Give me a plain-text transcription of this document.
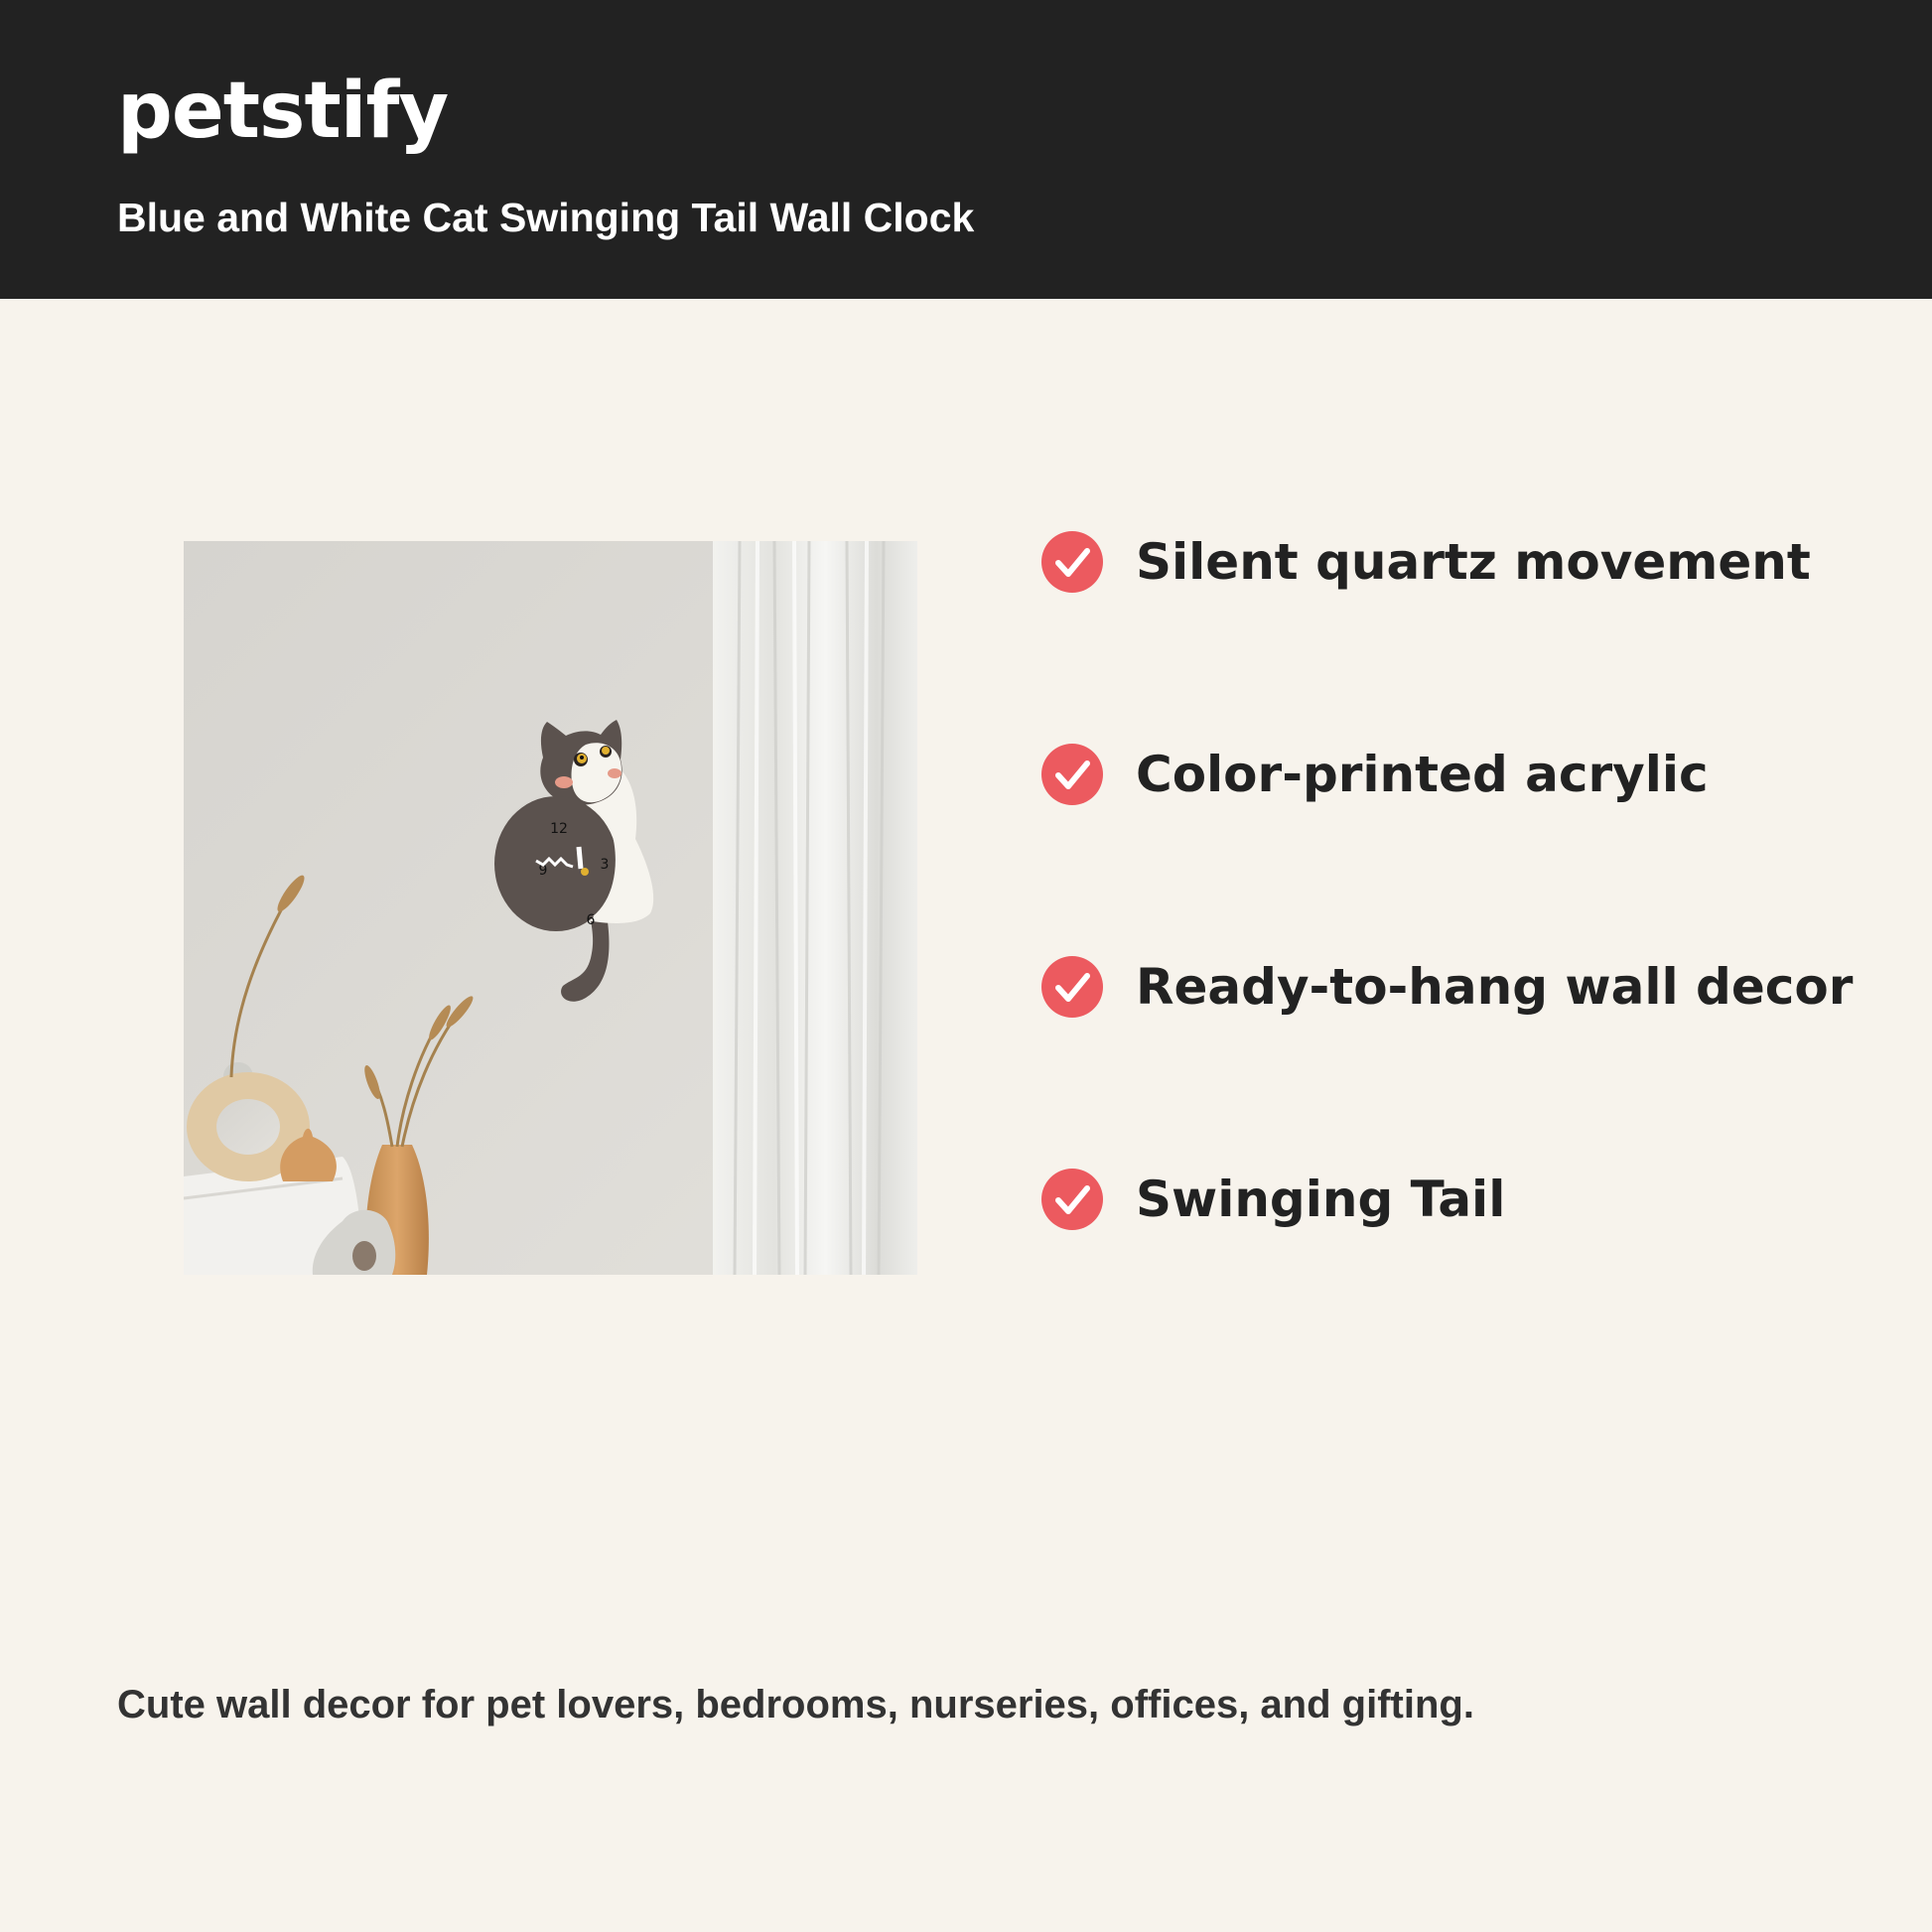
petstify
Blue and White Cat Swinging Tail Wall Clock
12
3
6
9
Silent quartz movement
Color-printed acrylic
Ready-to-hang wall decor
Swinging Tail
Cute wall decor for pet lovers, bedrooms, nurseries, offices, and gifting.
